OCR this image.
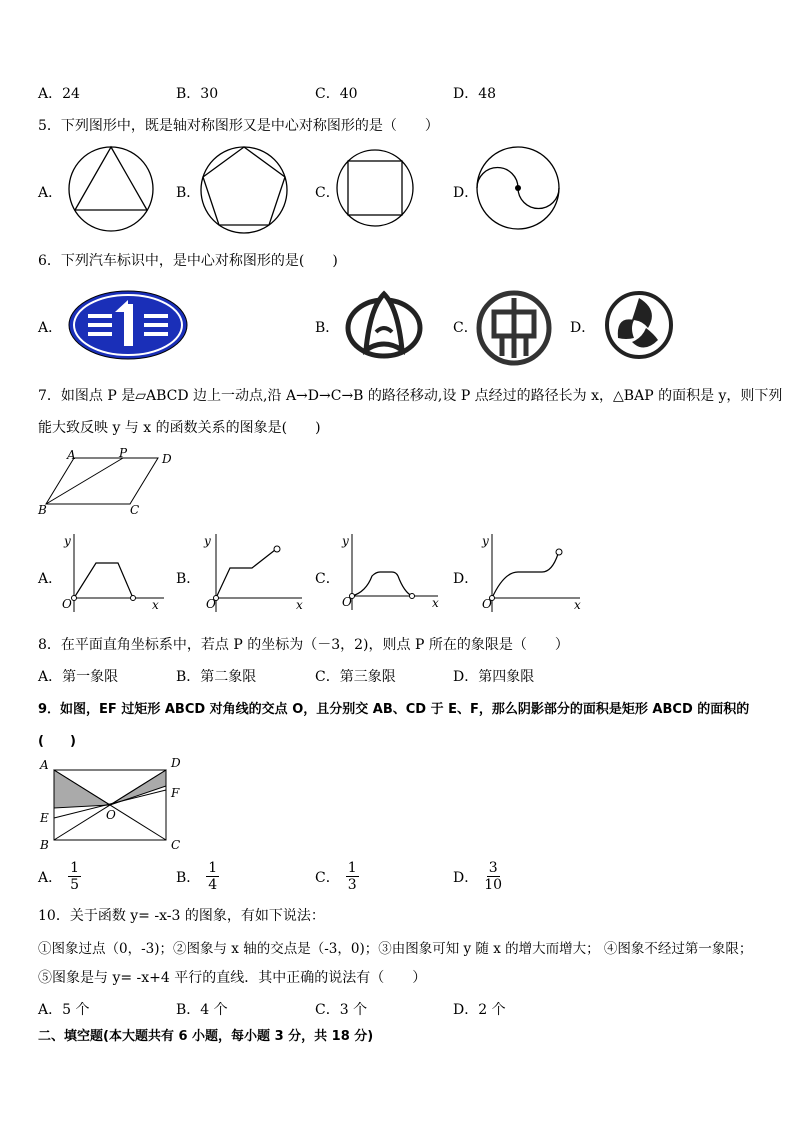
A．24	B．30	C．40	D．48
5．下列图形中，既是轴对称图形又是中心对称图形的是（　　）
A．	B．	C．	D．
6．下列汽车标识中，是中心对称图形的是(　　)
A．	B．	C．	D．
7．如图点 P 是▱ABCD 边上一动点,沿 A→D→C→B 的路径移动,设 P 点经过的路径长为 x，△BAP 的面积是 y，则下列
能大致反映 y 与 x 的函数关系的图象是(　　)
A	P	D
B	C
A．
y
O	x
B．
y
O	x
C．
y
O	x
D．
y
O	x
8．在平面直角坐标系中，若点 P 的坐标为（－3，2)，则点 P 所在的象限是（　　）
A．第一象限	B．第二象限	C．第三象限	D．第四象限
9．如图，EF 过矩形 ABCD 对角线的交点 O，且分别交 AB、CD 于 E、F，那么阴影部分的面积是矩形 ABCD 的面积的
(　　)
A	D
F
E	O
B	C
A． $\frac{1}{5}$	B． $\frac{1}{4}$	C． $\frac{1}{3}$	D． $\frac{3}{10}$
10．关于函数 y= -x-3 的图象，有如下说法：
①图象过点（0，-3)；②图象与 x 轴的交点是（-3，0)；③由图象可知 y 随 x 的增大而增大； ④图象不经过第一象限；
⑤图象是与 y= -x+4 平行的直线．其中正确的说法有（　　）
A．5 个	B．4 个	C．3 个	D．2 个
二、填空题(本大题共有 6 小题，每小题 3 分，共 18 分)
